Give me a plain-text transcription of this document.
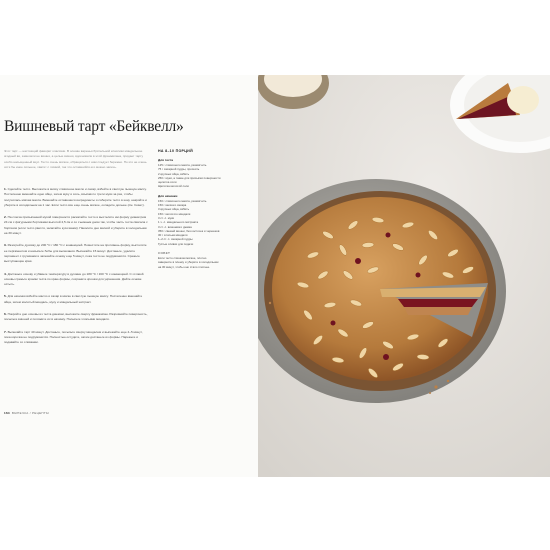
Вишневый тарт «Бейквелл»

Этот тарт — настоящий фаворит классики. В основе варенья брятельной классики миндальное ягодный ви, замечали не вишня, а целые вишни, вдохновили в этой франжипана, придает тарту особо насыщенный вкус. Тесто очень мягкое, обращаться с ним следует бережно. Но кто не очень хотя бы иное сильное, хватит с лихвой, так что оставшийся его можно запечь.

1.Сделайте тесто. Выложите в миску сливочное масло и сахар, взбейте в светлую пышную массу. Постепенно вмешайте одно яйцо, затем муку и соль, всыпав по трети муки за раз, чтобы получилась мягкая масса. Вмешайте оставшиеся ингредиенты и соберите тесто в шар, накройте и уберите в холодильник на 1 час. Если тесто все еще очень мягкое, охладите дольше (см. Совет).
2.На слегка присыпанной мукой поверхности раскатайте тесто и выстелите им форму диаметром 24 см с фигурными бортиками высотой 2,5 см и со съемным дном так, чтобы часть теста свисала с бортиков (если тесто рвется, залатайте кусочками). Наколите дно вилкой и уберите в холодильник на 30 минут.
3.Разогрейте духовку до 200 °С / 180 °С с конвекцией. Поместите на противень форму, выстелите ее пергаментом и насыпьте бобы для выпекания. Выпекайте 15 минут. Достаньте, удалите пергамент с грузиками и запекайте основу еще 5 минут, пока тесто не подрумянится. Срежьте выступающие края.
4.Достаньте основу и убавьте температуру в духовке до 180 °С / 160 °С с конвекцией. С готовой основы срежьте кромки теста по краю формы, сохраните крошки для украшения. Дайте основе остыть.
5.Для начинки взбейте масло и сахар в миске в светлую пышную массу. Постепенно вмешайте яйца, затем молотый миндаль, муку и миндальный экстракт.
6.Покройте дно основы из теста джемом, выложите сверху франжипан. Разровняйте поверхность, посыпьте вишней и положите их в начинку. Посыпьте хлопьями миндаля.
7.Выпекайте тарт 40 минут. Достаньте, посыпьте сверху миндалем и выпекайте еще 4–5 минут, пока корочка не подрумянится. Полностью остудите, затем достаньте из формы. Нарежьте и подавайте со сливками.
НА 8–10 ПОРЦИЙ
Для теста
125 г сливочного масла, размягчить
75 г сахарной пудры, просеять
2 крупных яйца, взбить
250 г муки, а также для присыпки поверхности
щепотка соли
Щепотка молотой соли
Для начинки
150 г сливочного масла, размягчить
150 г мелкого сахара
3 крупных яйца, взбить
150 г молотого миндаля
3 ст. л. муки
1 ч. л. миндального экстракта
3 ст. л. вишневого джема
350 г свежей вишни, без косточек и черешков
30 г хлопьев миндаля
1–2 ст. л. сахарной пудры
Густые сливки для подачи
СОВЕТ

Если тесто слишком мягкое, плотно заверните в пленку и уберите в холодильник на 30 минут, чтобы оно стало плотнее.

164 ВЫПЕЧКА / РЕЦЕПТЫ
